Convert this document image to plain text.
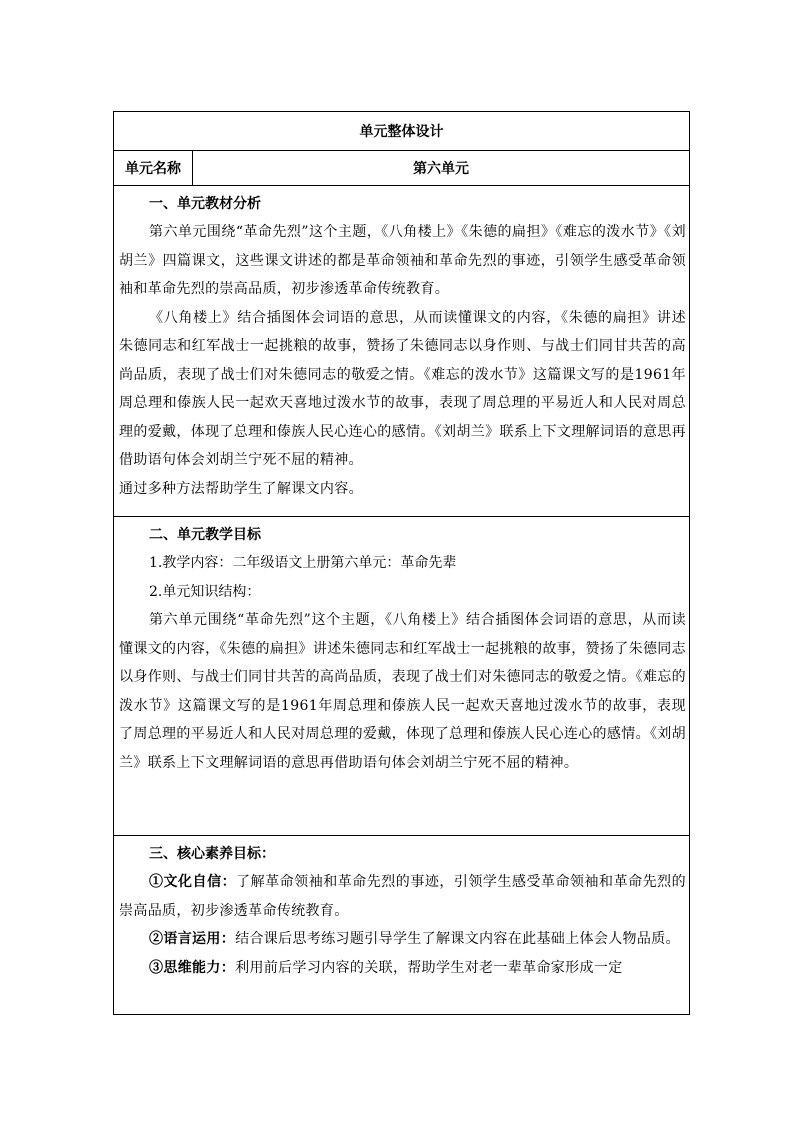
单元整体设计
单元名称	第六单元

一、单元教材分析

第六单元围绕“革命先烈”这个主题，《八角楼上》《朱德的扁担》《难忘的泼水节》《刘胡兰》四篇课文，这些课文讲述的都是革命领袖和革命先烈的事迹，引领学生感受革命领袖和革命先烈的崇高品质，初步渗透革命传统教育。

《八角楼上》结合插图体会词语的意思，从而读懂课文的内容，《朱德的扁担》讲述朱德同志和红军战士一起挑粮的故事，赞扬了朱德同志以身作则、与战士们同甘共苦的高尚品质，表现了战士们对朱德同志的敬爱之情。《难忘的泼水节》这篇课文写的是1961年周总理和傣族人民一起欢天喜地过泼水节的故事，表现了周总理的平易近人和人民对周总理的爱戴，体现了总理和傣族人民心连心的感情。《刘胡兰》联系上下文理解词语的意思再借助语句体会刘胡兰宁死不屈的精神。

通过多种方法帮助学生了解课文内容。

二、单元教学目标

1.教学内容：二年级语文上册第六单元：革命先辈

2.单元知识结构：

第六单元围绕“革命先烈”这个主题，《八角楼上》结合插图体会词语的意思，从而读懂课文的内容，《朱德的扁担》讲述朱德同志和红军战士一起挑粮的故事，赞扬了朱德同志以身作则、与战士们同甘共苦的高尚品质，表现了战士们对朱德同志的敬爱之情。《难忘的泼水节》这篇课文写的是1961年周总理和傣族人民一起欢天喜地过泼水节的故事，表现了周总理的平易近人和人民对周总理的爱戴，体现了总理和傣族人民心连心的感情。《刘胡兰》联系上下文理解词语的意思再借助语句体会刘胡兰宁死不屈的精神。

三、核心素养目标：

①文化自信：了解革命领袖和革命先烈的事迹，引领学生感受革命领袖和革命先烈的崇高品质，初步渗透革命传统教育。

②语言运用：结合课后思考练习题引导学生了解课文内容在此基础上体会人物品质。

③思维能力：利用前后学习内容的关联，帮助学生对老一辈革命家形成一定
